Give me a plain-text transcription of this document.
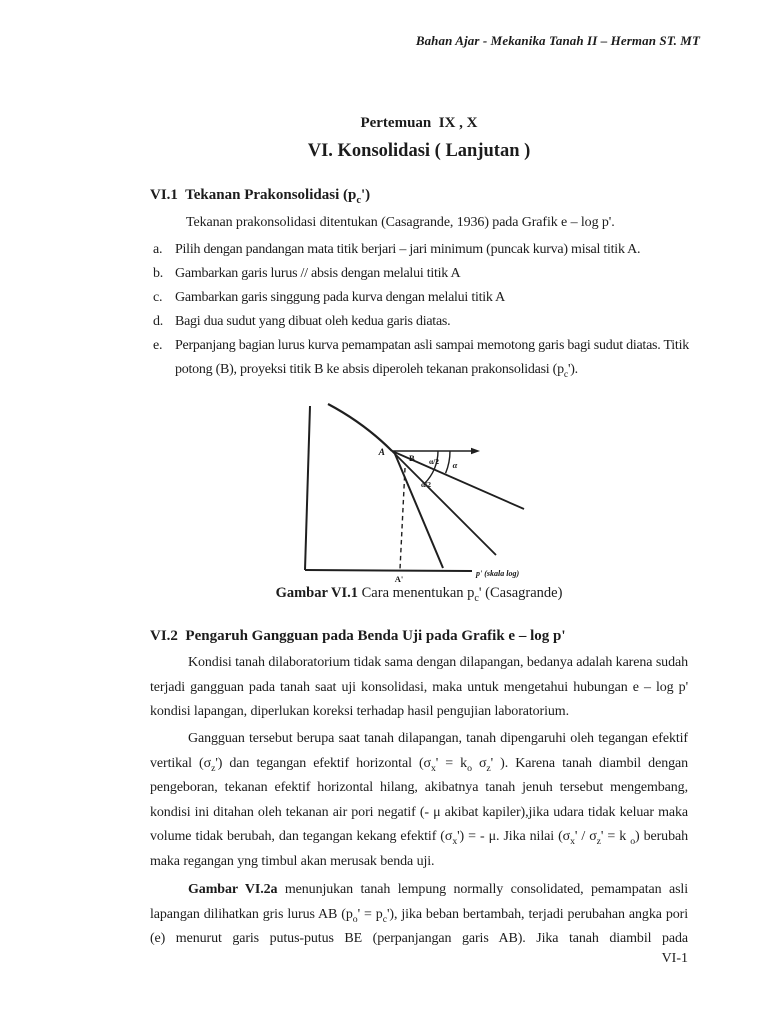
Bahan Ajar - Mekanika Tanah II – Herman ST. MT
Pertemuan  IX , X
VI. Konsolidasi ( Lanjutan )
VI.1  Tekanan Prakonsolidasi $(p_c')$
Tekanan prakonsolidasi ditentukan (Casagrande, 1936) pada Grafik e – log p'.
a. Pilih dengan pandangan mata titik berjari – jari minimum (puncak kurva) misal titik A.
b. Gambarkan garis lurus // absis dengan melalui titik A
c. Gambarkan garis singgung pada kurva dengan melalui titik A
d. Bagi dua sudut yang dibuat oleh kedua garis diatas.
e. Perpanjang bagian lurus kurva pemampatan asli sampai memotong garis bagi sudut diatas. Titik potong (B), proyeksi titik B ke absis diperoleh tekanan prakonsolidasi $(p_c')$.
A	B α/2 α
α/2
p' (skala log)
A'
Gambar VI.1 Cara menentukan $p_c'$ (Casagrande)
VI.2  Pengaruh Gangguan pada Benda Uji pada Grafik e – log p'

Kondisi tanah dilaboratorium tidak sama dengan dilapangan, bedanya adalah karena sudah terjadi gangguan pada tanah saat uji konsolidasi, maka untuk mengetahui hubungan e – log p' kondisi lapangan, diperlukan koreksi terhadap hasil pengujian laboratorium.

Gangguan tersebut berupa saat tanah dilapangan, tanah dipengaruhi oleh tegangan efektif vertikal $(\sigma_z')$ dan tegangan efektif horizontal ($\sigma_x' = k_o$ $\sigma_z'$ ). Karena tanah diambil dengan pengeboran, tekanan efektif horizontal hilang, akibatnya tanah jenuh tersebut mengembang, kondisi ini ditahan oleh tekanan air pori negatif (- μ akibat kapiler),jika udara tidak keluar maka volume tidak berubah, dan tegangan kekang efektif $(\sigma_x')$ = - μ. Jika nilai ($\sigma_x' / \sigma_z' = k$ $_o$) berubah maka regangan yng timbul akan merusak benda uji.

Gambar VI.2a menunjukan tanah lempung normally consolidated, pemampatan asli lapangan dilihatkan gris lurus AB $(p_o' = p_c')$, jika beban bertambah, terjadi perubahan angka pori (e) menurut garis putus-putus BE (perpanjangan garis AB). Jika tanah diambil pada

VI-1
